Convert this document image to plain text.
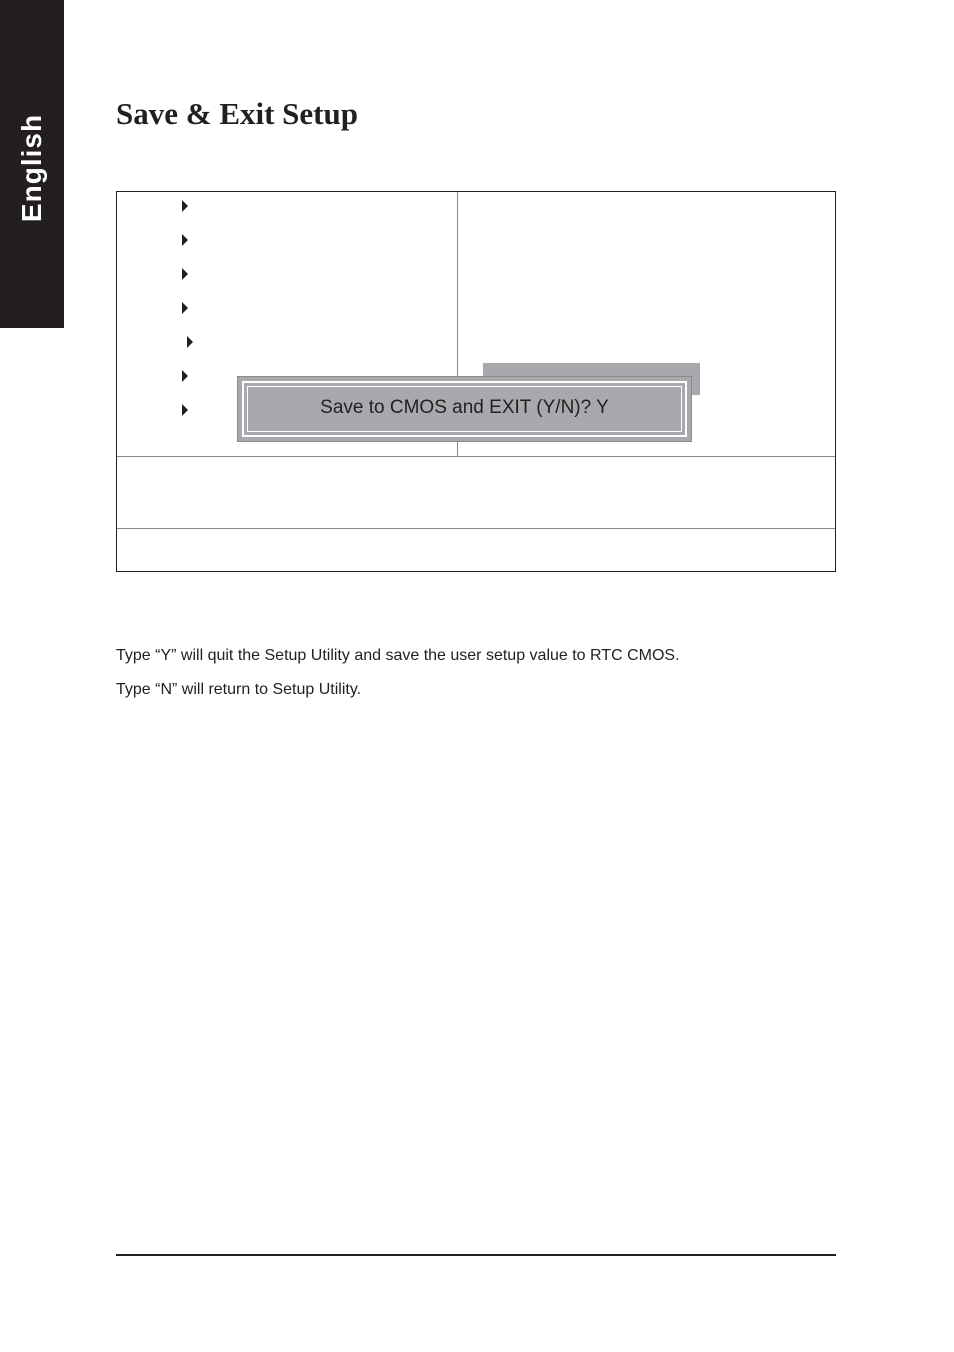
English
Save & Exit Setup
Save to CMOS and EXIT (Y/N)? Y

Type “Y” will quit the Setup Utility and save the user setup value to RTC CMOS.

Type “N” will return to Setup Utility.
